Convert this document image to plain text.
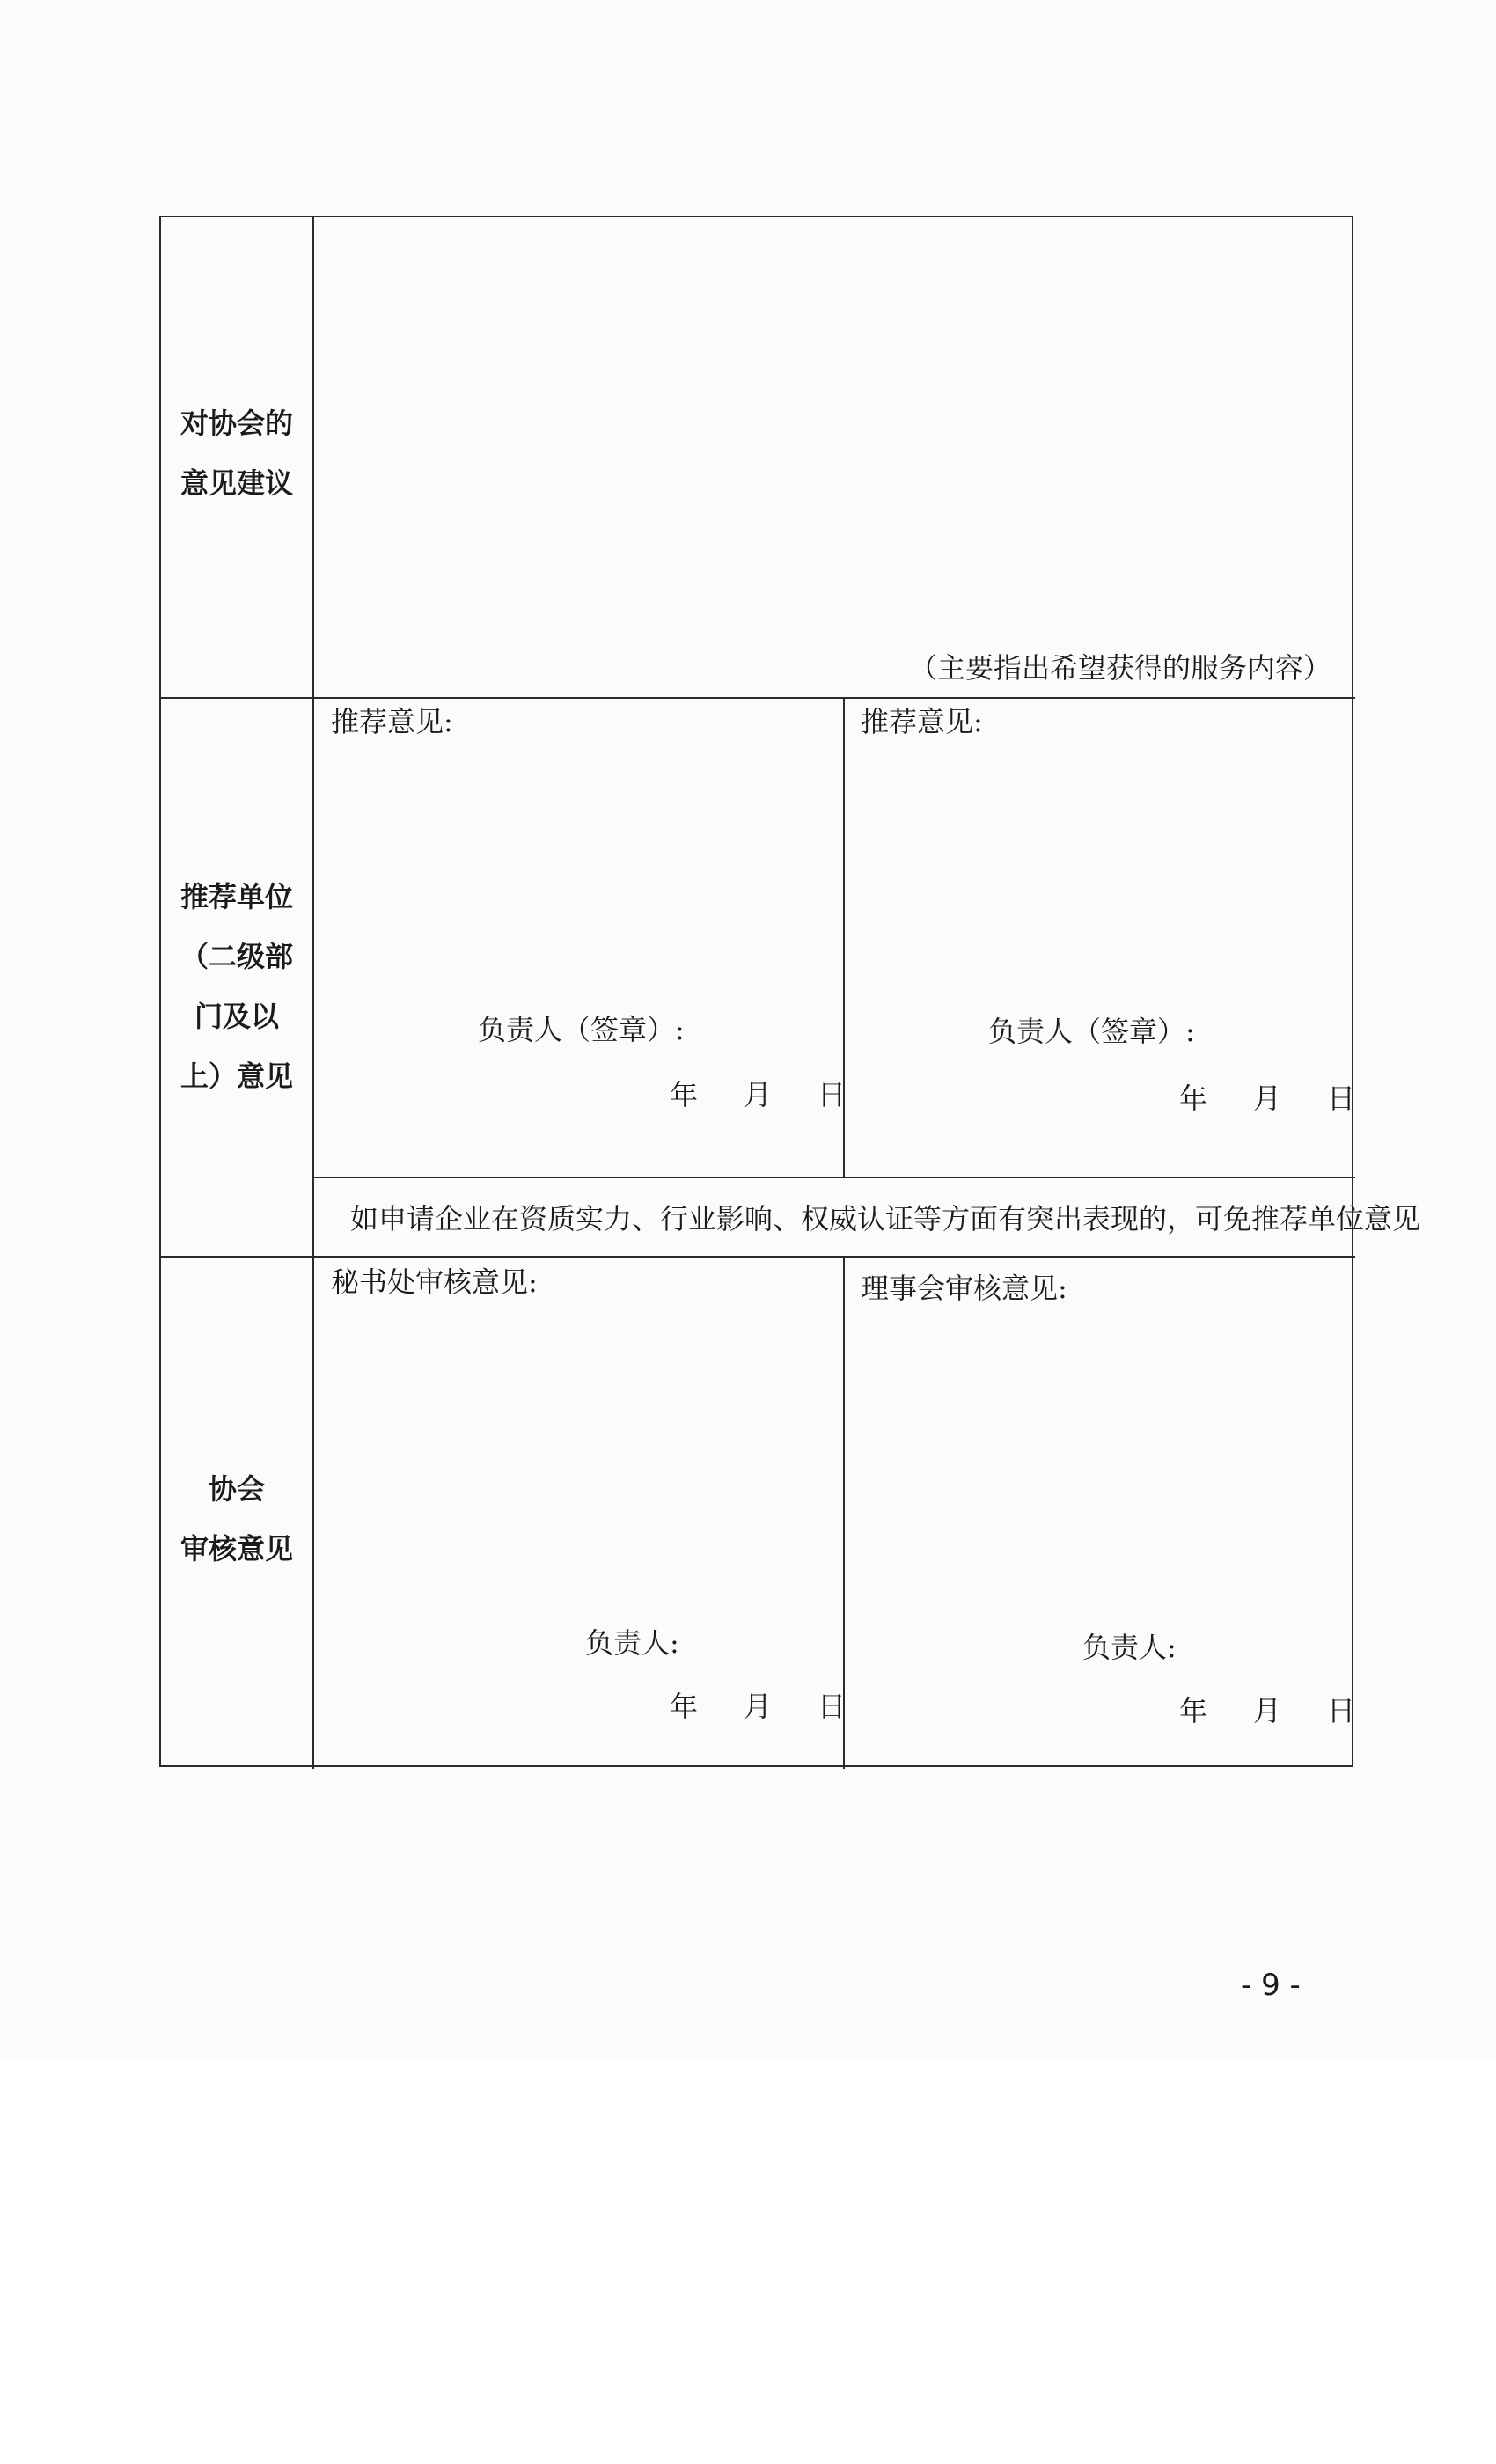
对协会的
意见建议
（主要指出希望获得的服务内容）
推荐单位
（二级部
门及以
上）意见
推荐意见:
负责人（签章）:
年 月 日
推荐意见:
负责人（签章）:
年 月 日
如申请企业在资质实力、行业影响、权威认证等方面有突出表现的，可免推荐单位意见
协会
审核意见
秘书处审核意见:
负责人:
年 月 日
理事会审核意见:
负责人:
年 月 日
- 9 -
